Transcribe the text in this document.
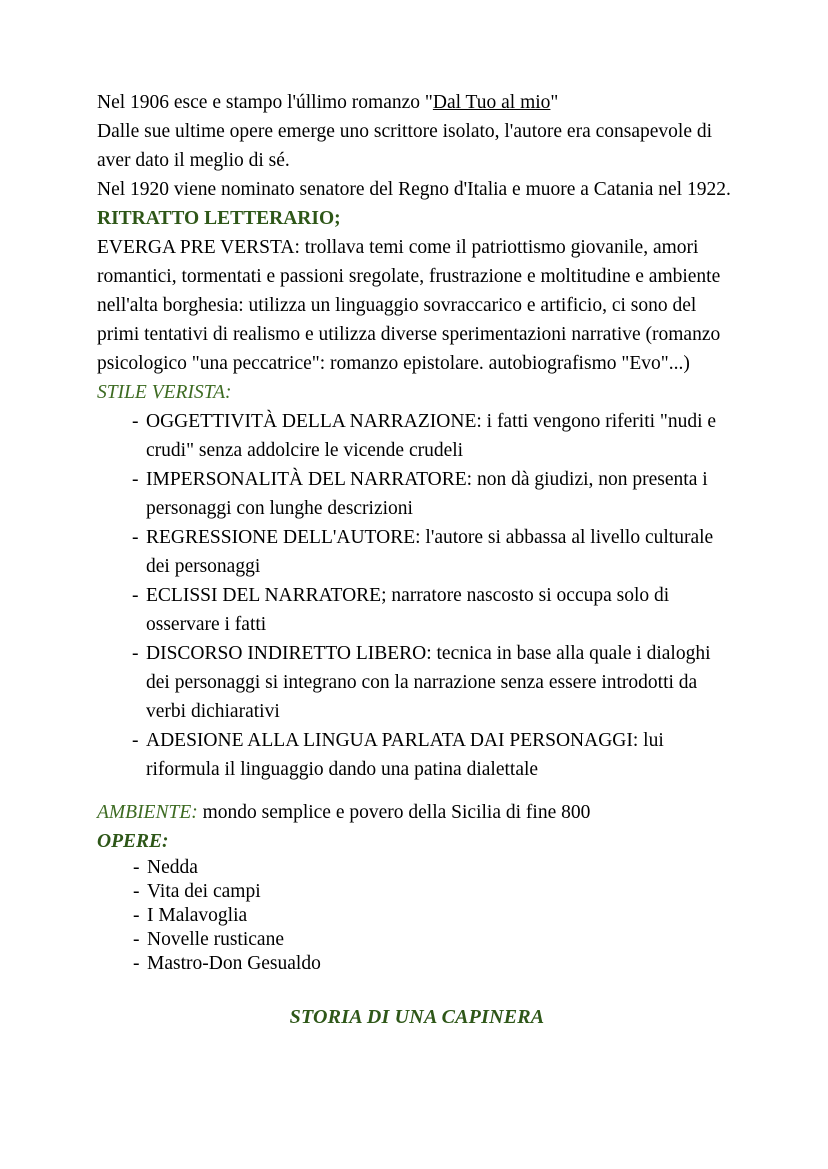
Nel 1906 esce e stampo l'úllimo romanzo "Dal Tuo al mio"

Dalle sue ultime opere emerge uno scrittore isolato, l'autore era consapevole di aver dato il meglio di sé.

Nel 1920 viene nominato senatore del Regno d'Italia e muore a Catania nel 1922.

RITRATTO LETTERARIO;

EVERGA PRE VERSTA: trollava temi come il patriottismo giovanile, amori romantici, tormentati e passioni sregolate, frustrazione e moltitudine e ambiente nell'alta borghesia: utilizza un linguaggio sovraccarico e artificio, ci sono del primi tentativi di realismo e utilizza diverse sperimentazioni narrative (romanzo psicologico "una peccatrice": romanzo epistolare. autobiografismo "Evo"...)

STILE VERISTA:

- OGGETTIVITÀ DELLA NARRAZIONE: i fatti vengono riferiti "nudi e crudi" senza addolcire le vicende crudeli
- IMPERSONALITÀ DEL NARRATORE: non dà giudizi, non presenta i personaggi con lunghe descrizioni
- REGRESSIONE DELL'AUTORE: l'autore si abbassa al livello culturale dei personaggi
- ECLISSI DEL NARRATORE; narratore nascosto si occupa solo di osservare i fatti
- DISCORSO INDIRETTO LIBERO: tecnica in base alla quale i dialoghi dei personaggi si integrano con la narrazione senza essere introdotti da verbi dichiarativi
- ADESIONE ALLA LINGUA PARLATA DAI PERSONAGGI: lui riformula il linguaggio dando una patina dialettale

AMBIENTE: mondo semplice e povero della Sicilia di fine 800

OPERE:

- Nedda
- Vita dei campi
- I Malavoglia
- Novelle rusticane
- Mastro-Don Gesualdo

STORIA DI UNA CAPINERA
